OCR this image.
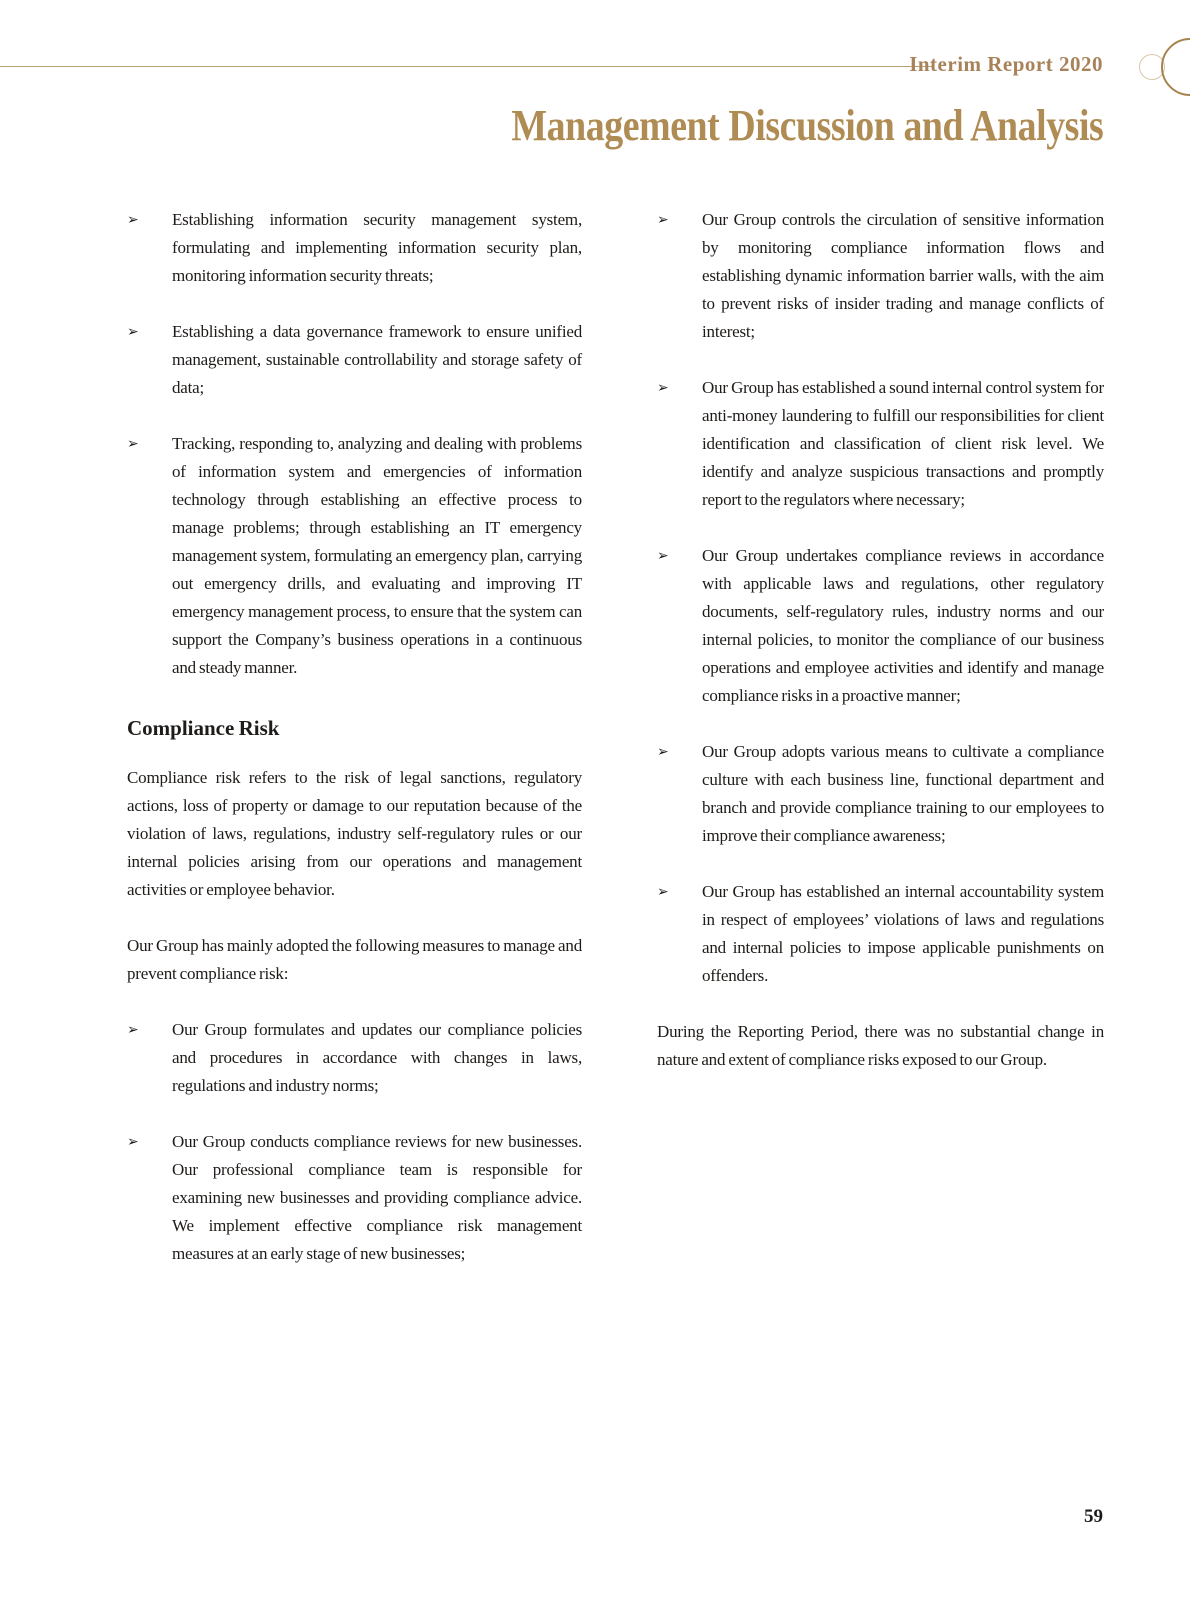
Interim Report 2020
Management Discussion and Analysis
➢	Establishing information security management system, formulating and implementing information security plan, monitoring information security threats;
➢	Establishing a data governance framework to ensure unified management, sustainable controllability and storage safety of data;
➢	Tracking, responding to, analyzing and dealing with problems of information system and emergencies of information technology through establishing an effective process to manage problems; through establishing an IT emergency management system, formulating an emergency plan, carrying out emergency drills, and evaluating and improving IT emergency management process, to ensure that the system can support the Company’s business operations in a continuous and steady manner.
Compliance Risk
Compliance risk refers to the risk of legal sanctions, regulatory actions, loss of property or damage to our reputation because of the violation of laws, regulations, industry self-regulatory rules or our internal policies arising from our operations and management activities or employee behavior.
Our Group has mainly adopted the following measures to manage and prevent compliance risk:
➢	Our Group formulates and updates our compliance policies and procedures in accordance with changes in laws, regulations and industry norms;
➢	Our Group conducts compliance reviews for new businesses. Our professional compliance team is responsible for examining new businesses and providing compliance advice. We implement effective compliance risk management measures at an early stage of new businesses;
➢	Our Group controls the circulation of sensitive information by monitoring compliance information flows and establishing dynamic information barrier walls, with the aim to prevent risks of insider trading and manage conflicts of interest;
➢	Our Group has established a sound internal control system for anti-money laundering to fulfill our responsibilities for client identification and classification of client risk level. We identify and analyze suspicious transactions and promptly report to the regulators where necessary;
➢	Our Group undertakes compliance reviews in accordance with applicable laws and regulations, other regulatory documents, self-regulatory rules, industry norms and our internal policies, to monitor the compliance of our business operations and employee activities and identify and manage compliance risks in a proactive manner;
➢	Our Group adopts various means to cultivate a compliance culture with each business line, functional department and branch and provide compliance training to our employees to improve their compliance awareness;
➢	Our Group has established an internal accountability system in respect of employees’ violations of laws and regulations and internal policies to impose applicable punishments on offenders.
During the Reporting Period, there was no substantial change in nature and extent of compliance risks exposed to our Group.
59
